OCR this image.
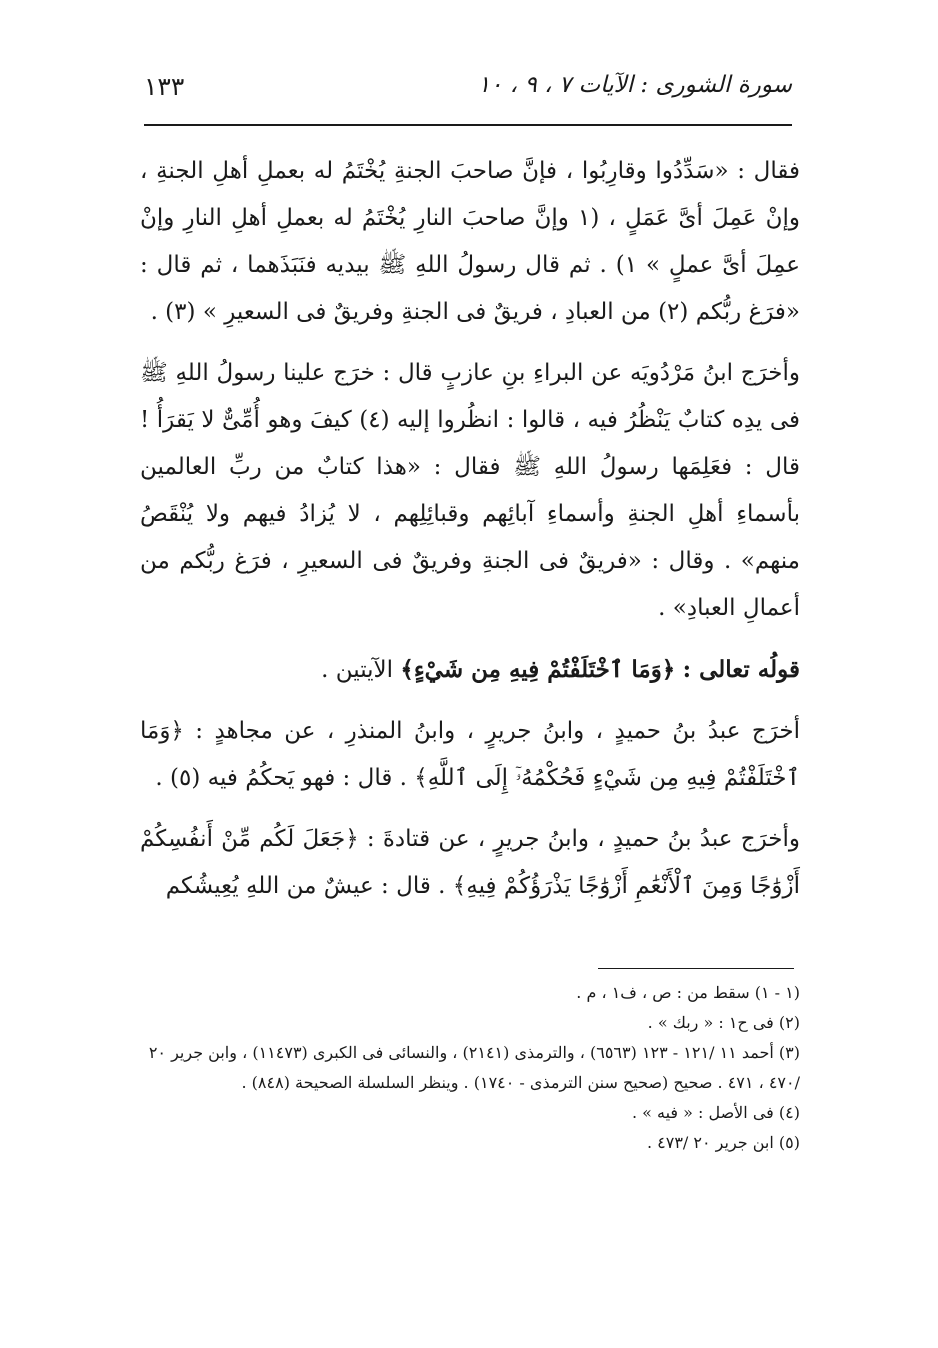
سورة الشورى : الآيات ٧ ، ٩ ، ١٠
١٣٣

فقال : «سَدِّدُوا وقارِبُوا ، فإنَّ صاحبَ الجنةِ يُخْتَمُ له بعملِ أهلِ الجنةِ ، وإنْ عَمِلَ أىَّ عَمَلٍ ، (١ وإنَّ صاحبَ النارِ يُخْتَمُ له بعملِ أهلِ النارِ وإنْ عمِلَ أىَّ عملٍ » ١) . ثم قال رسولُ اللهِ ﷺ بيديه فنَبَذَهما ، ثم قال : «فرَغ ربُّكم (٢) من العبادِ ، فريقٌ فى الجنةِ وفريقٌ فى السعيرِ » (٣) .

وأخرَج ابنُ مَرْدُويَه عن البراءِ بنِ عازبٍ قال : خرَج علينا رسولُ اللهِ ﷺ فى يدِه كتابٌ يَنْظُرُ فيه ، قالوا : انظُروا إليه (٤) كيفَ وهو أُمِّىٌّ لا يَقرَأُ ! قال : فعَلِمَها رسولُ اللهِ ﷺ فقال : «هذا كتابٌ من ربِّ العالمين بأسماءِ أهلِ الجنةِ وأسماءِ آبائِهم وقبائِلِهم ، لا يُزادُ فيهم ولا يُنْقَصُ منهم» . وقال : «فريقٌ فى الجنةِ وفريقٌ فى السعيرِ ، فرَغ ربُّكم من أعمالِ العبادِ» .

قولُه تعالى : ﴿وَمَا ٱخْتَلَفْتُمْ فِيهِ مِن شَيْءٍ﴾ الآيتين .

أخرَج عبدُ بنُ حميدٍ ، وابنُ جريرٍ ، وابنُ المنذرِ ، عن مجاهدٍ : ﴿وَمَا ٱخْتَلَفْتُمْ فِيهِ مِن شَيْءٍ فَحُكْمُهُۥٓ إِلَى ٱللَّهِ﴾ . قال : فهو يَحكُمُ فيه (٥) .

وأخرَج عبدُ بنُ حميدٍ ، وابنُ جريرٍ ، عن قتادةَ : ﴿جَعَلَ لَكُم مِّنْ أَنفُسِكُمْ أَزْوَٰجًا وَمِنَ ٱلْأَنْعَٰمِ أَزْوَٰجًا يَذْرَؤُكُمْ فِيهِ﴾ . قال : عيشٌ من اللهِ يُعِيشُكم

(١ - ١) سقط من : ص ، ف١ ، م .

(٢) فى ح١ : « ربك » .

(٣) أحمد ١١ /١٢١ - ١٢٣ (٦٥٦٣) ، والترمذى (٢١٤١) ، والنسائى فى الكبرى (١١٤٧٣) ، وابن جرير ٢٠ /٤٧٠ ، ٤٧١ . صحيح (صحيح سنن الترمذى - ١٧٤٠) . وينظر السلسلة الصحيحة (٨٤٨) .

(٤) فى الأصل : « فيه » .

(٥) ابن جرير ٢٠ /٤٧٣ .
